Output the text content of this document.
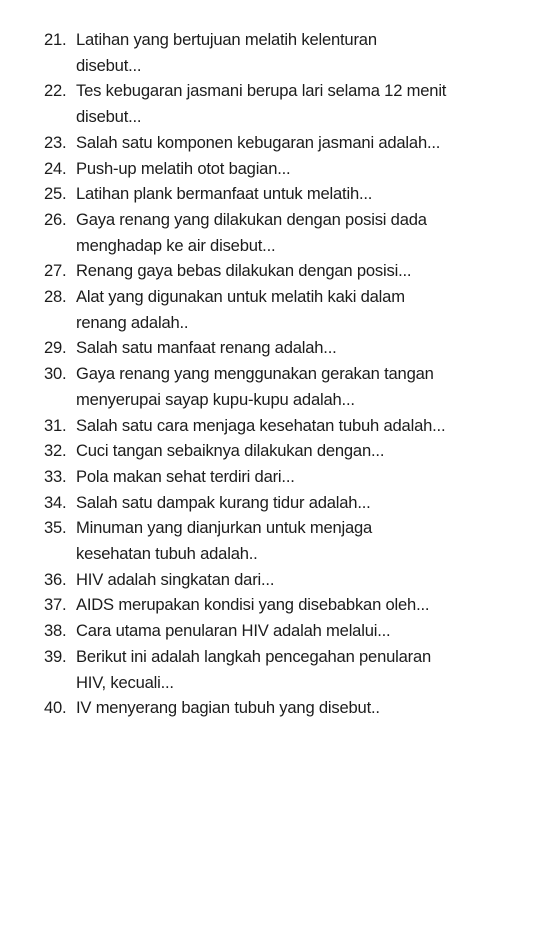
21. Latihan yang bertujuan melatih kelenturan
disebut...
22. Tes kebugaran jasmani berupa lari selama 12 menit
disebut...
23. Salah satu komponen kebugaran jasmani adalah...
24. Push-up melatih otot bagian...
25. Latihan plank bermanfaat untuk melatih...
26. Gaya renang yang dilakukan dengan posisi dada
menghadap ke air disebut...
27. Renang gaya bebas dilakukan dengan posisi...
28. Alat yang digunakan untuk melatih kaki dalam
renang adalah..
29. Salah satu manfaat renang adalah...
30. Gaya renang yang menggunakan gerakan tangan
menyerupai sayap kupu-kupu adalah...
31. Salah satu cara menjaga kesehatan tubuh adalah...
32. Cuci tangan sebaiknya dilakukan dengan...
33. Pola makan sehat terdiri dari...
34. Salah satu dampak kurang tidur adalah...
35. Minuman yang dianjurkan untuk menjaga
kesehatan tubuh adalah..
36. HIV adalah singkatan dari...
37. AIDS merupakan kondisi yang disebabkan oleh...
38. Cara utama penularan HIV adalah melalui...
39. Berikut ini adalah langkah pencegahan penularan
HIV, kecuali...
40. IV menyerang bagian tubuh yang disebut..
